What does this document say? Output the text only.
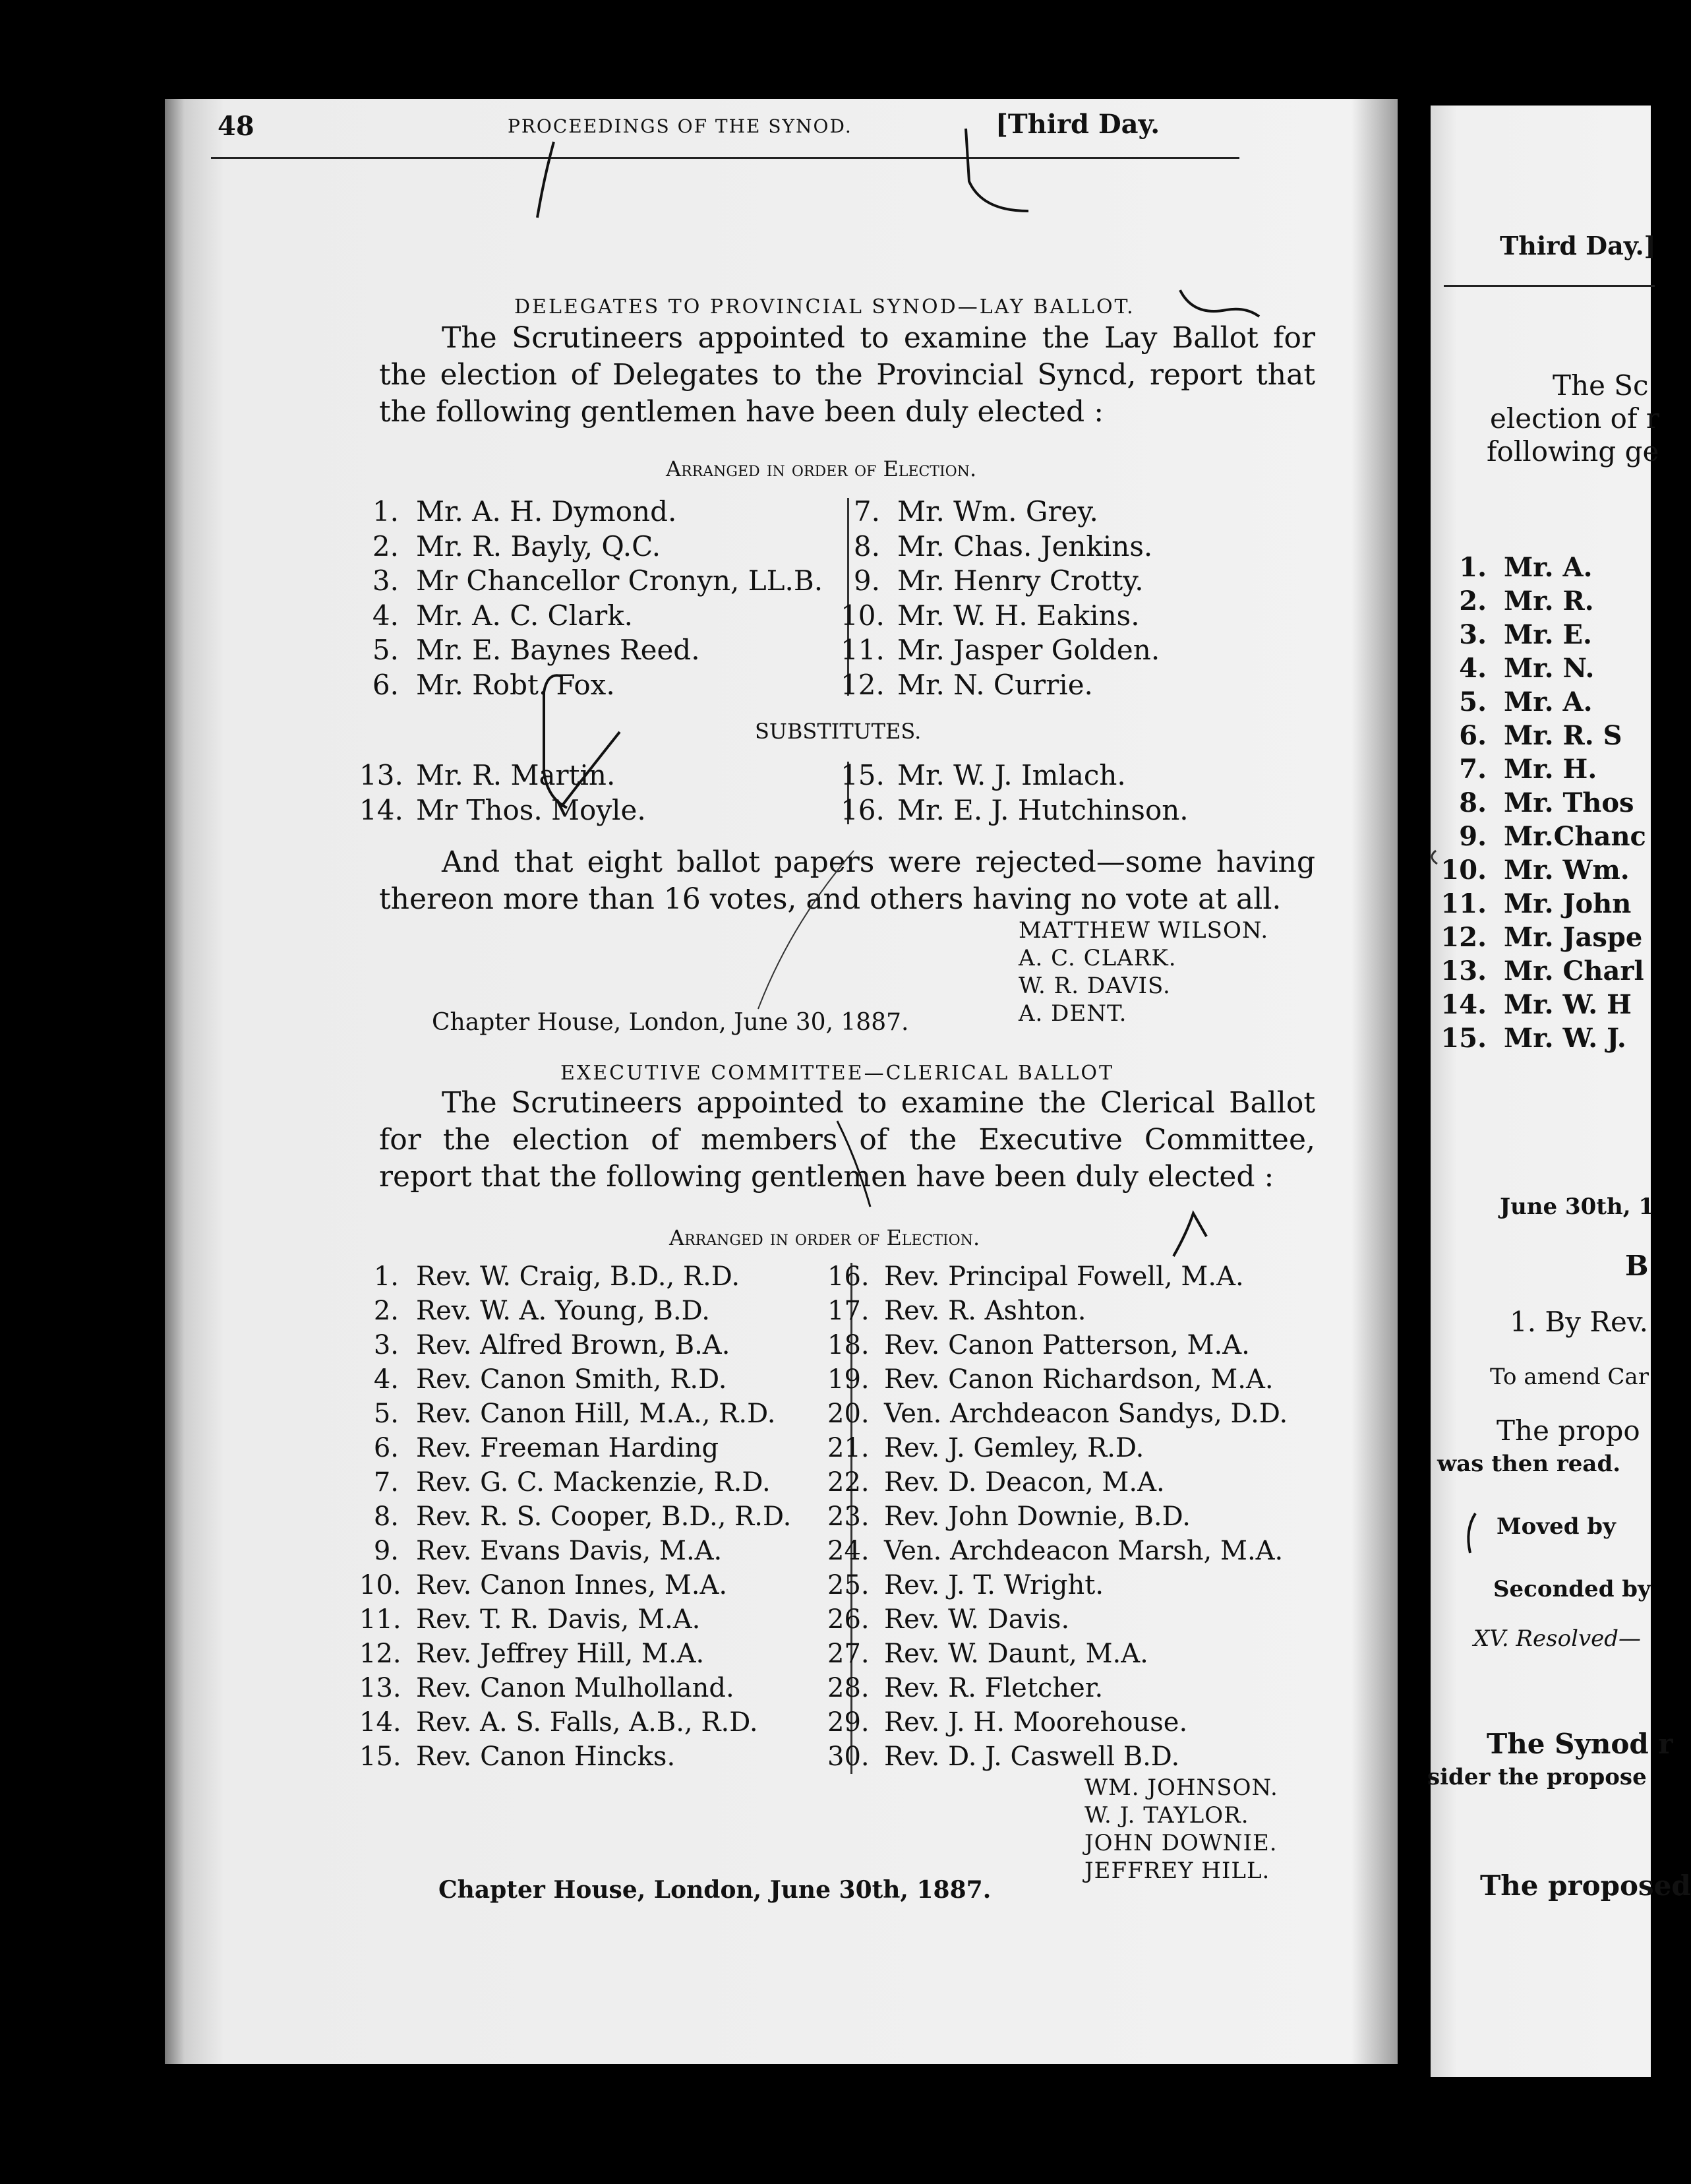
48	PROCEEDINGS OF THE SYNOD.	[Third Day.
DELEGATES TO PROVINCIAL SYNOD—LAY BALLOT.
The Scrutineers appointed to examine the Lay Ballot for the election of Delegates to the Provincial Syncd, report that the following gentlemen have been duly elected :
Arranged in order of Election.
1. Mr. A. H. Dymond.
2. Mr. R. Bayly, Q.C.
3. Mr Chancellor Cronyn, LL.B.
4. Mr. A. C. Clark.
5. Mr. E. Baynes Reed.
6. Mr. Robt. Fox.
7. Mr. Wm. Grey.
8. Mr. Chas. Jenkins.
9. Mr. Henry Crotty.
10. Mr. W. H. Eakins.
11. Mr. Jasper Golden.
12. Mr. N. Currie.
SUBSTITUTES.
13. Mr. R. Martin.
14. Mr Thos. Moyle.
15. Mr. W. J. Imlach.
16. Mr. E. J. Hutchinson.
And that eight ballot papers were rejected—some having thereon more than 16 votes, and others having no vote at all.
MATTHEW WILSON.
A. C. CLARK.
W. R. DAVIS.
A. DENT.
Chapter House, London, June 30, 1887.
EXECUTIVE COMMITTEE—CLERICAL BALLOT
The Scrutineers appointed to examine the Clerical Ballot for the election of members of the Executive Committee, report that the following gentlemen have been duly elected :
Arranged in order of Election.
1. Rev. W. Craig, B.D., R.D.
2. Rev. W. A. Young, B.D.
3. Rev. Alfred Brown, B.A.
4. Rev. Canon Smith, R.D.
5. Rev. Canon Hill, M.A., R.D.
6. Rev. Freeman Harding
7. Rev. G. C. Mackenzie, R.D.
8. Rev. R. S. Cooper, B.D., R.D.
9. Rev. Evans Davis, M.A.
10. Rev. Canon Innes, M.A.
11. Rev. T. R. Davis, M.A.
12. Rev. Jeffrey Hill, M.A.
13. Rev. Canon Mulholland.
14. Rev. A. S. Falls, A.B., R.D.
15. Rev. Canon Hincks.
16. Rev. Principal Fowell, M.A.
17. Rev. R. Ashton.
18. Rev. Canon Patterson, M.A.
19. Rev. Canon Richardson, M.A.
20. Ven. Archdeacon Sandys, D.D.
21. Rev. J. Gemley, R.D.
22. Rev. D. Deacon, M.A.
23. Rev. John Downie, B.D.
24. Ven. Archdeacon Marsh, M.A.
25. Rev. J. T. Wright.
26. Rev. W. Davis.
27. Rev. W. Daunt, M.A.
28. Rev. R. Fletcher.
29. Rev. J. H. Moorehouse.
30. Rev. D. J. Caswell B.D.
WM. JOHNSON.
W. J. TAYLOR.
JOHN DOWNIE.
JEFFREY HILL.
Chapter House, London, June 30th, 1887.
Third Day.]
The Sc
election of r
following ge
1. Mr. A.
2. Mr. R.
3. Mr. E.
4. Mr. N.
5. Mr. A.
6. Mr. R. S
7. Mr. H.
8. Mr. Thos
9. Mr.Chanc
10. Mr. Wm.
11. Mr. John
12. Mr. Jaspe
13. Mr. Charl
14. Mr. W. H
15. Mr. W. J.
June 30th, 1
B
1. By Rev.
To amend Car
The propo
was then read.
Moved by
Seconded by
XV. Resolved—
The Synod r
sider the propose
The proposed
